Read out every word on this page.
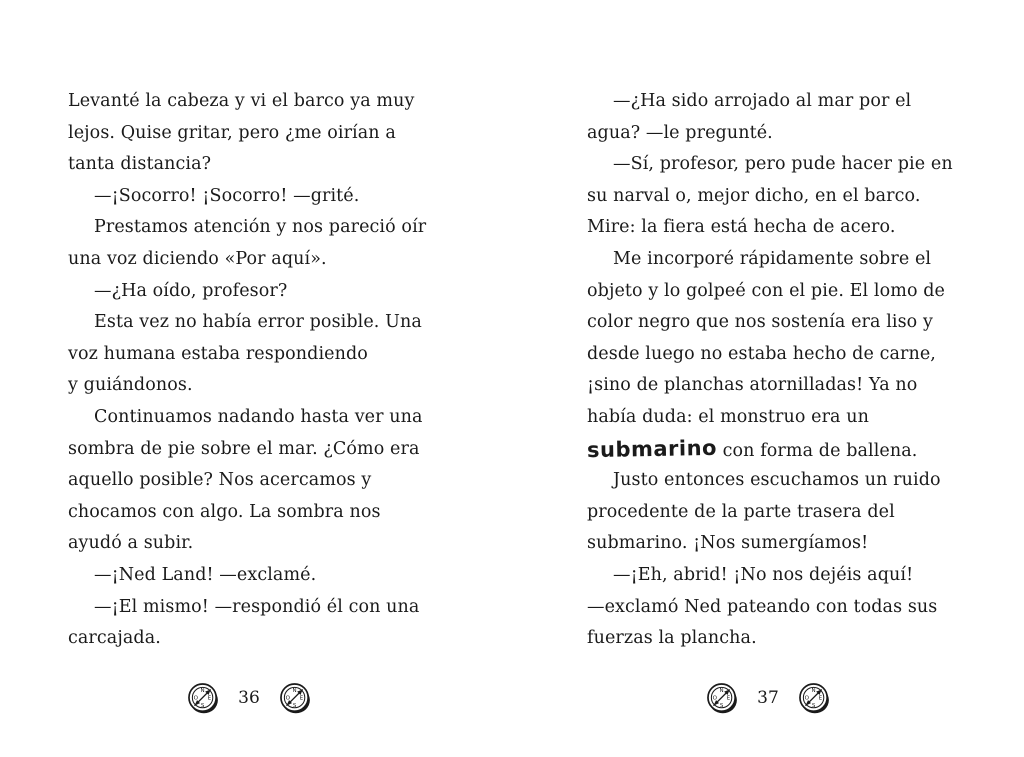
Levanté la cabeza y vi el barco ya muy
lejos. Quise gritar, pero ¿me oirían a
tanta distancia?
—¡Socorro! ¡Socorro! —grité.
Prestamos atención y nos pareció oír
una voz diciendo «Por aquí».
—¿Ha oído, profesor?
Esta vez no había error posible. Una
voz humana estaba respondiendo
y guiándonos.
Continuamos nadando hasta ver una
sombra de pie sobre el mar. ¿Cómo era
aquello posible? Nos acercamos y
chocamos con algo. La sombra nos
ayudó a subir.
—¡Ned Land! —exclamé.
—¡El mismo! —respondió él con una
carcajada.
—¿Ha sido arrojado al mar por el
agua? —le pregunté.
—Sí, profesor, pero pude hacer pie en
su narval o, mejor dicho, en el barco.
Mire: la fiera está hecha de acero.
Me incorporé rápidamente sobre el
objeto y lo golpeé con el pie. El lomo de
color negro que nos sostenía era liso y
desde luego no estaba hecho de carne,
¡sino de planchas atornilladas! Ya no
había duda: el monstruo era un
submarino con forma de ballena.
Justo entonces escuchamos un ruido
procedente de la parte trasera del
submarino. ¡Nos sumergíamos!
—¡Eh, abrid! ¡No nos dejéis aquí!
—exclamó Ned pateando con todas sus
fuerzas la plancha.
36	37
